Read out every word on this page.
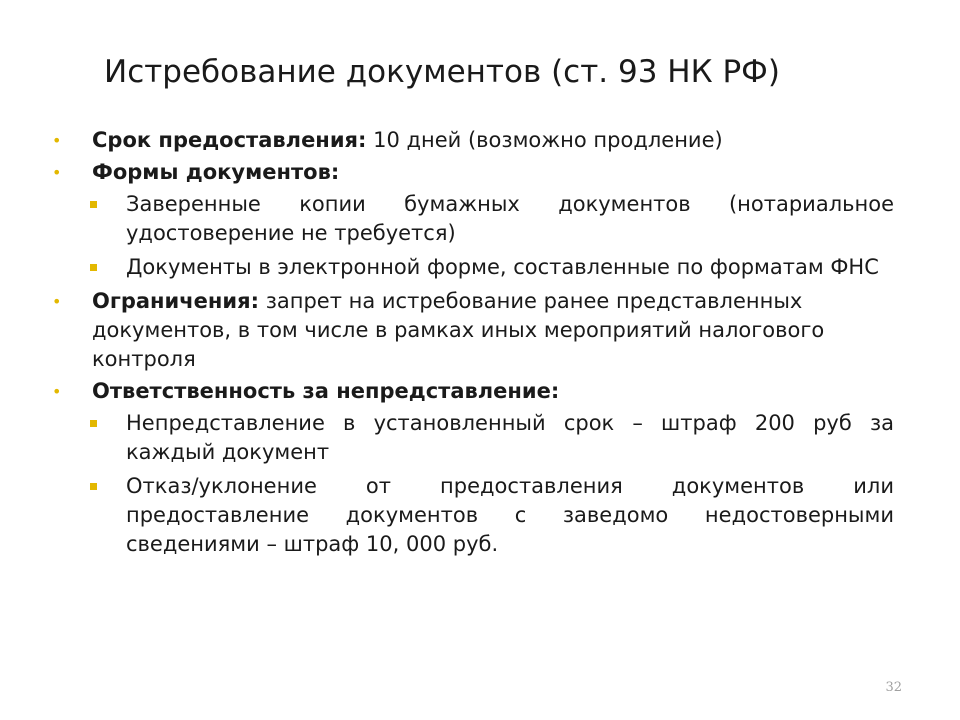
Истребование документов (ст. 93 НК РФ)
• Срок предоставления: 10 дней (возможно продление)
• Формы документов:
Заверенные копии бумажных документов (нотариальное удостоверение не требуется)
Документы в электронной форме, составленные по форматам ФНС
• Ограничения: запрет на истребование ранее представленных документов, в том числе в рамках иных мероприятий налогового контроля
• Ответственность за непредставление:
Непредставление в установленный срок – штраф 200 руб за каждый документ
Отказ/уклонение от предоставления документов или предоставление документов с заведомо недостоверными сведениями – штраф 10, 000 руб.
32
